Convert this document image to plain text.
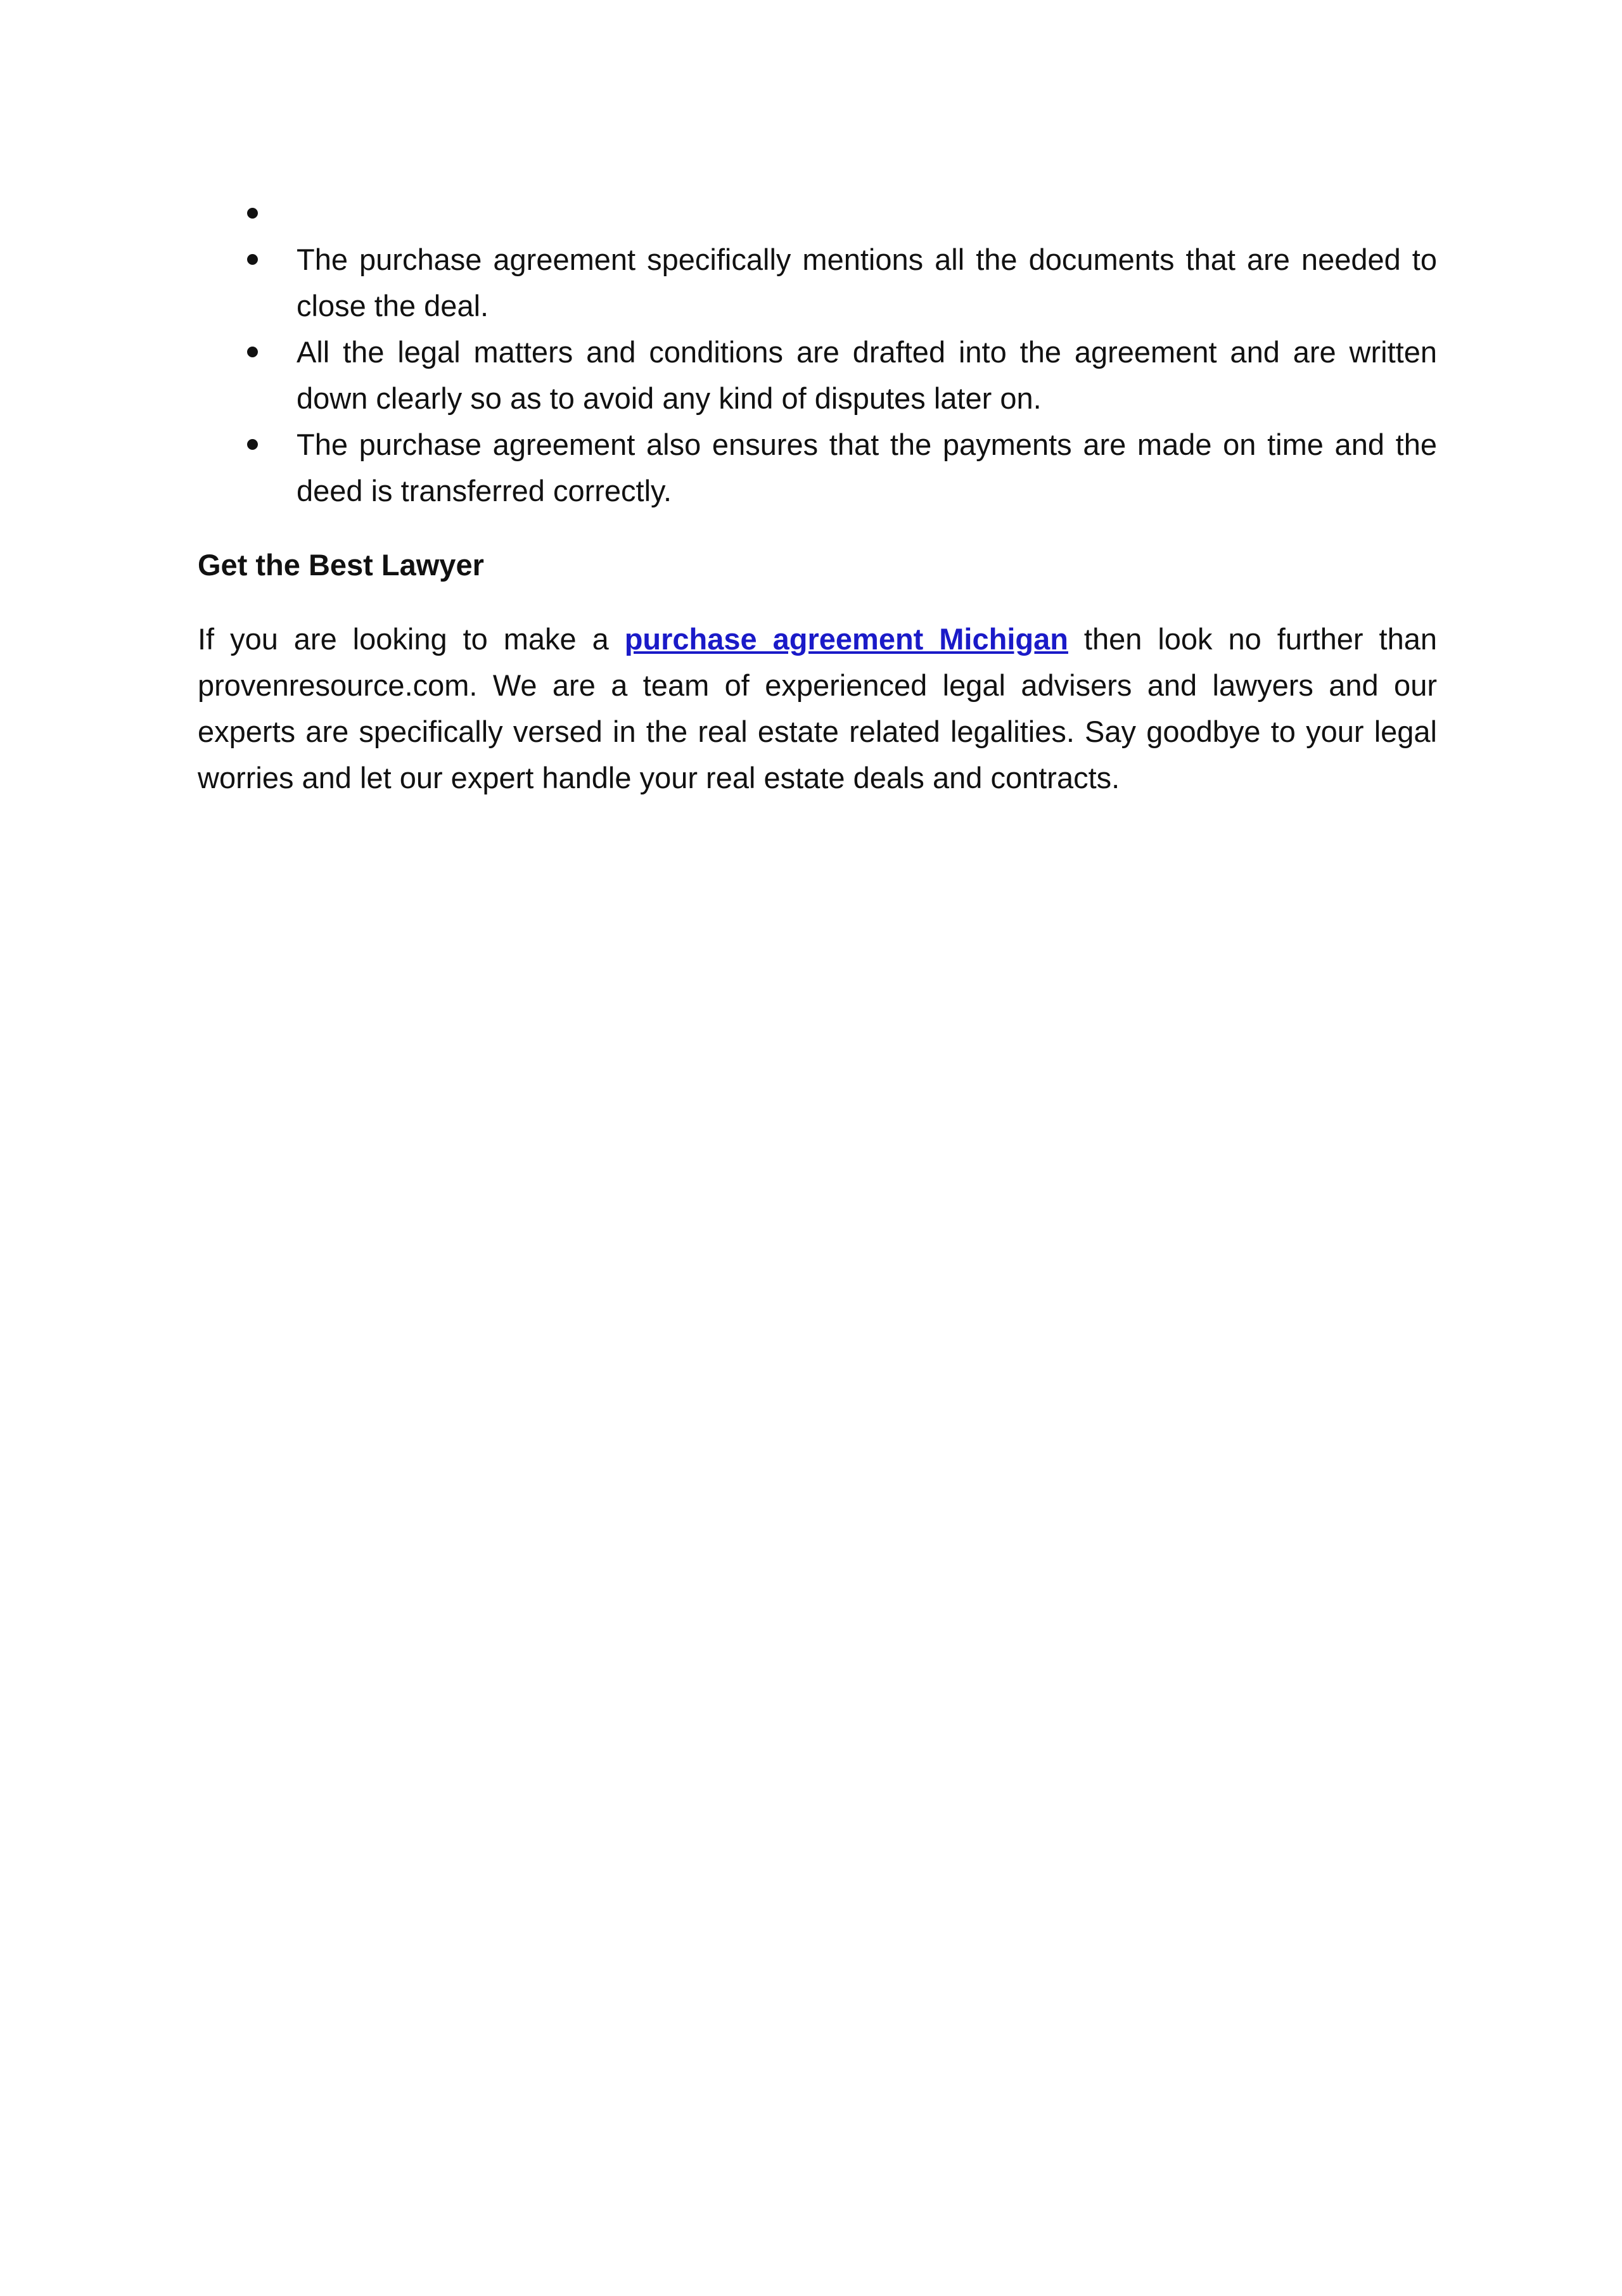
The purchase agreement specifically mentions all the documents that are needed to close the deal.
All the legal matters and conditions are drafted into the agreement and are written down clearly so as to avoid any kind of disputes later on.
The purchase agreement also ensures that the payments are made on time and the deed is transferred correctly.
Get the Best Lawyer

If you are looking to make a purchase agreement Michigan then look no further than provenresource.com. We are a team of experienced legal advisers and lawyers and our experts are specifically versed in the real estate related legalities. Say goodbye to your legal worries and let our expert handle your real estate deals and contracts.
